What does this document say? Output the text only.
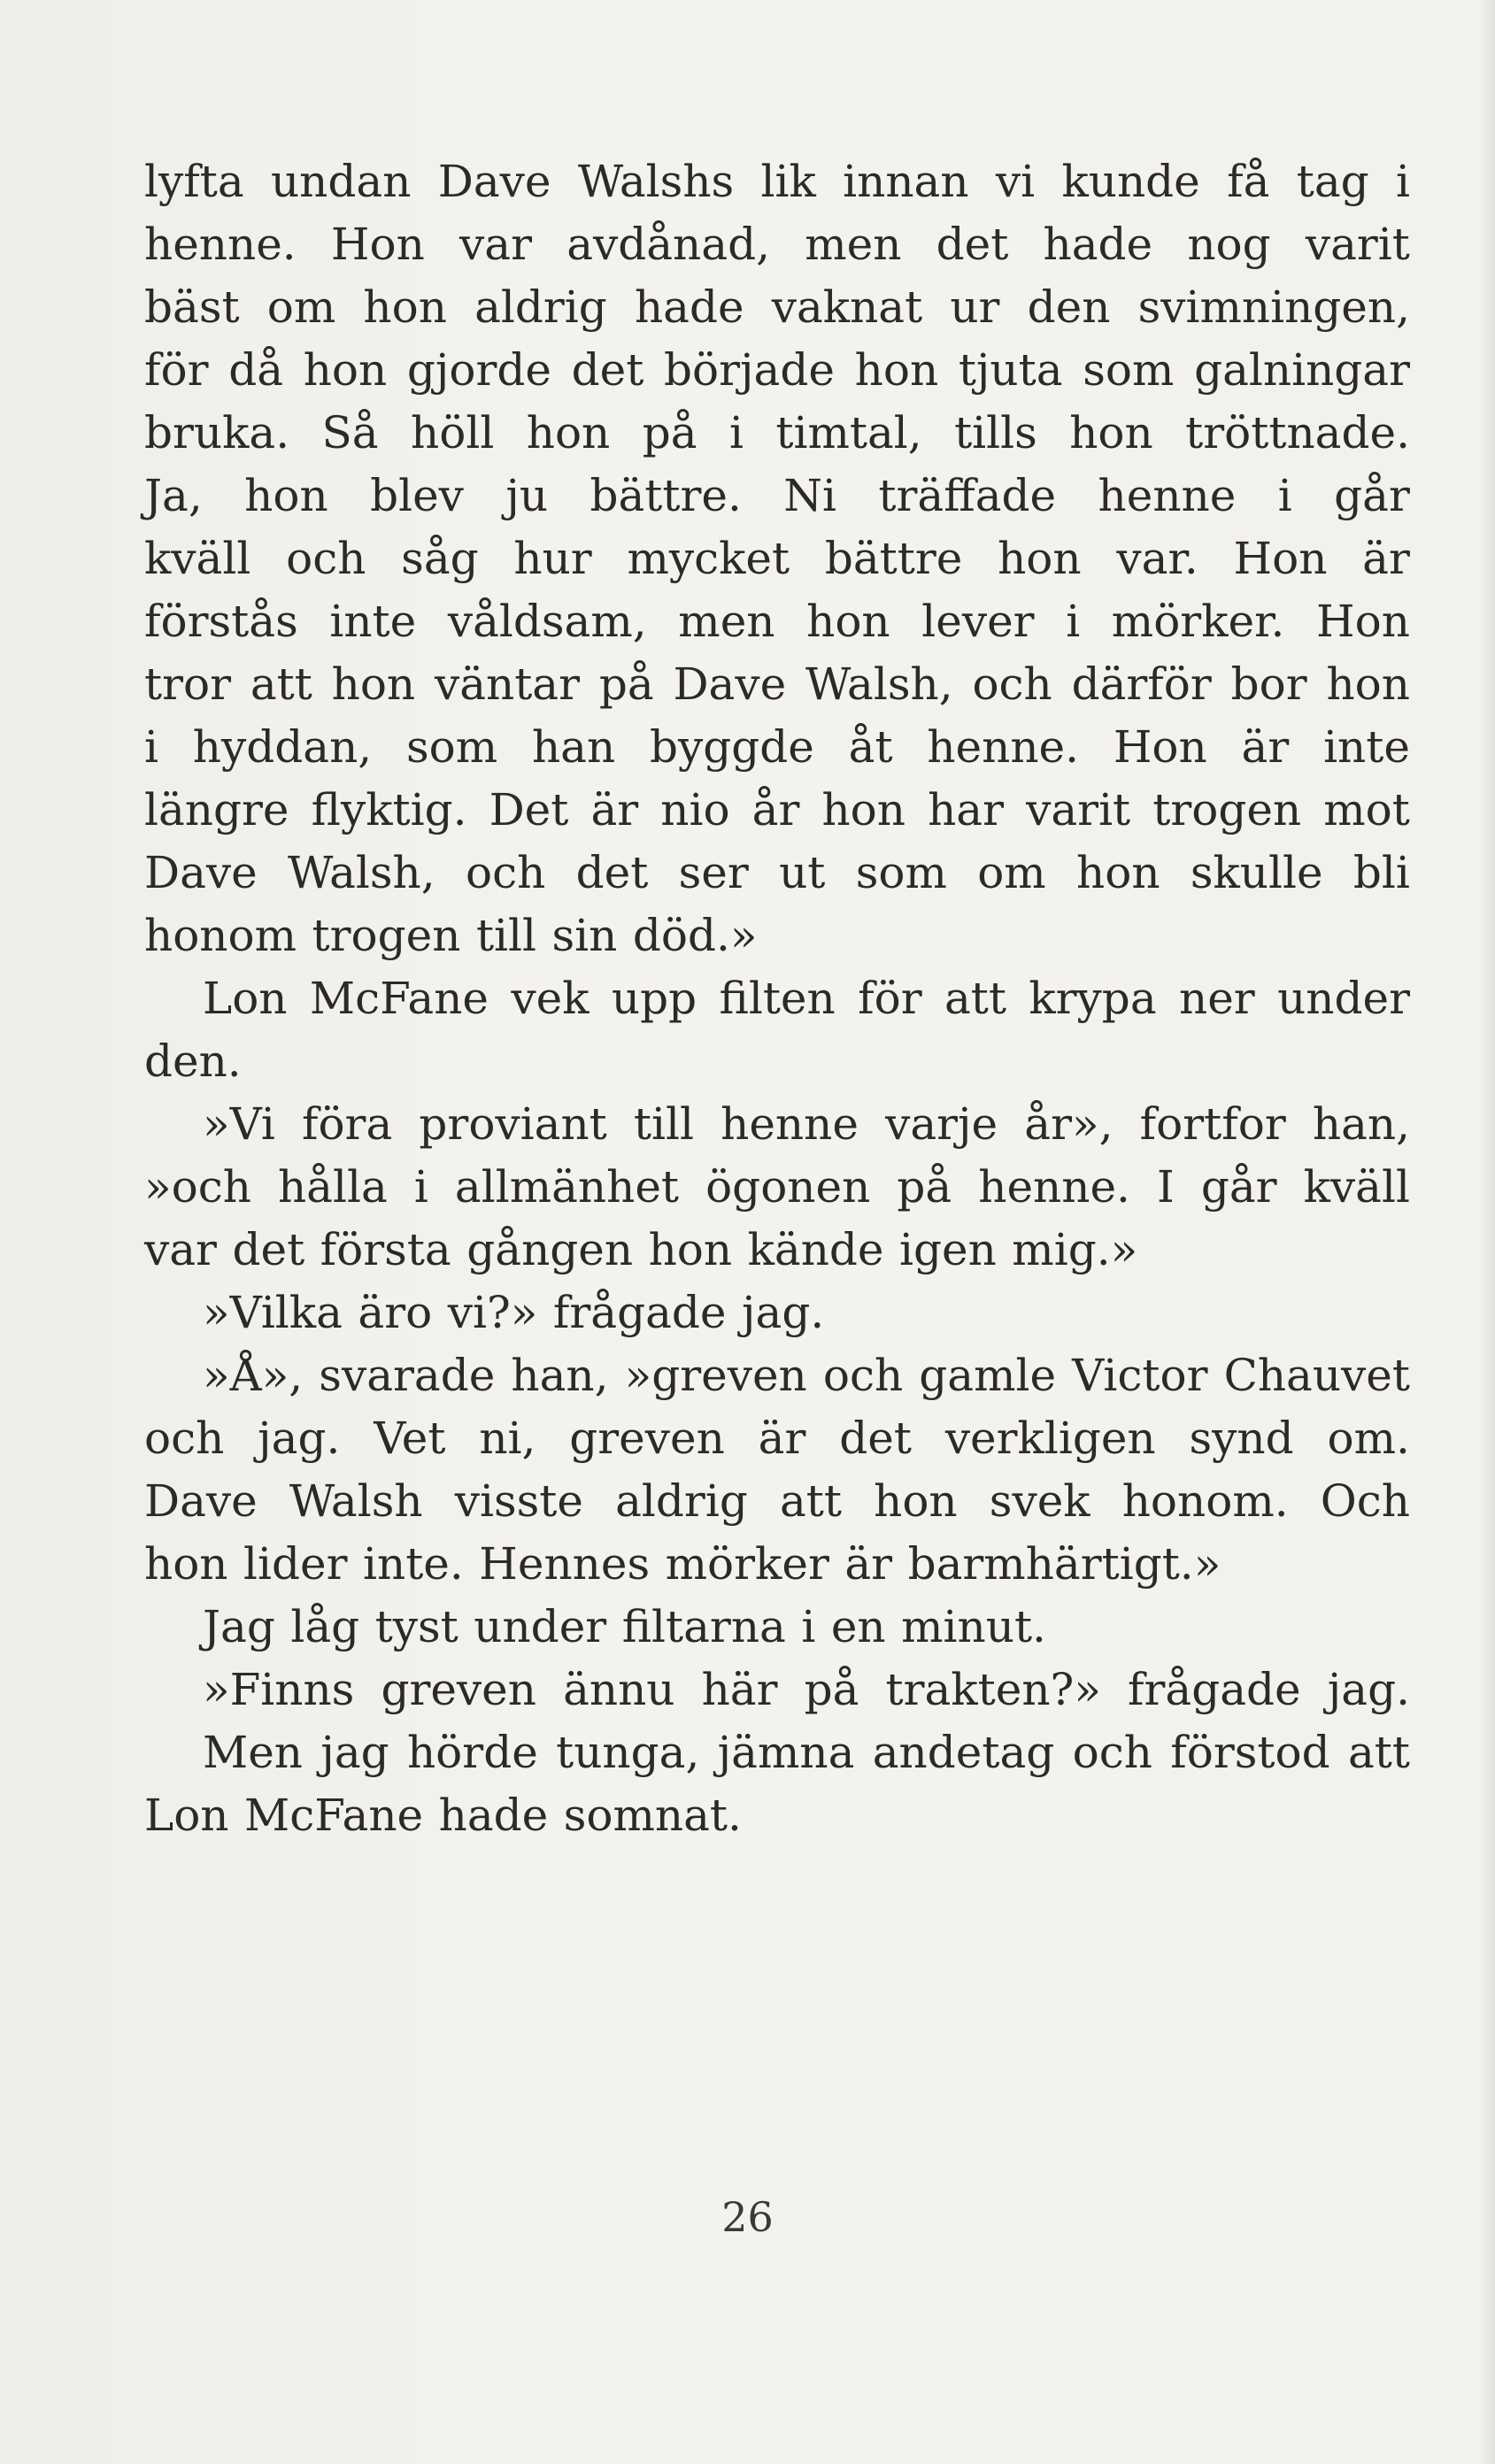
lyfta undan Dave Walshs lik innan vi kunde få tag i
henne. Hon var avdånad, men det hade nog varit
bäst om hon aldrig hade vaknat ur den svimningen,
för då hon gjorde det började hon tjuta som galningar
bruka. Så höll hon på i timtal, tills hon tröttnade.
Ja, hon blev ju bättre. Ni träffade henne i går
kväll och såg hur mycket bättre hon var. Hon är
förstås inte våldsam, men hon lever i mörker. Hon
tror att hon väntar på Dave Walsh, och därför bor hon
i hyddan, som han byggde åt henne. Hon är inte
längre flyktig. Det är nio år hon har varit trogen mot
Dave Walsh, och det ser ut som om hon skulle bli
honom trogen till sin död.»
Lon McFane vek upp filten för att krypa ner under
den.
»Vi föra proviant till henne varje år», fortfor han,
»och hålla i allmänhet ögonen på henne. I går kväll
var det första gången hon kände igen mig.»
»Vilka äro vi?» frågade jag.
»Å», svarade han, »greven och gamle Victor Chauvet
och jag. Vet ni, greven är det verkligen synd om.
Dave Walsh visste aldrig att hon svek honom. Och
hon lider inte. Hennes mörker är barmhärtigt.»
Jag låg tyst under filtarna i en minut.
»Finns greven ännu här på trakten?» frågade jag.
Men jag hörde tunga, jämna andetag och förstod att
Lon McFane hade somnat.
26
